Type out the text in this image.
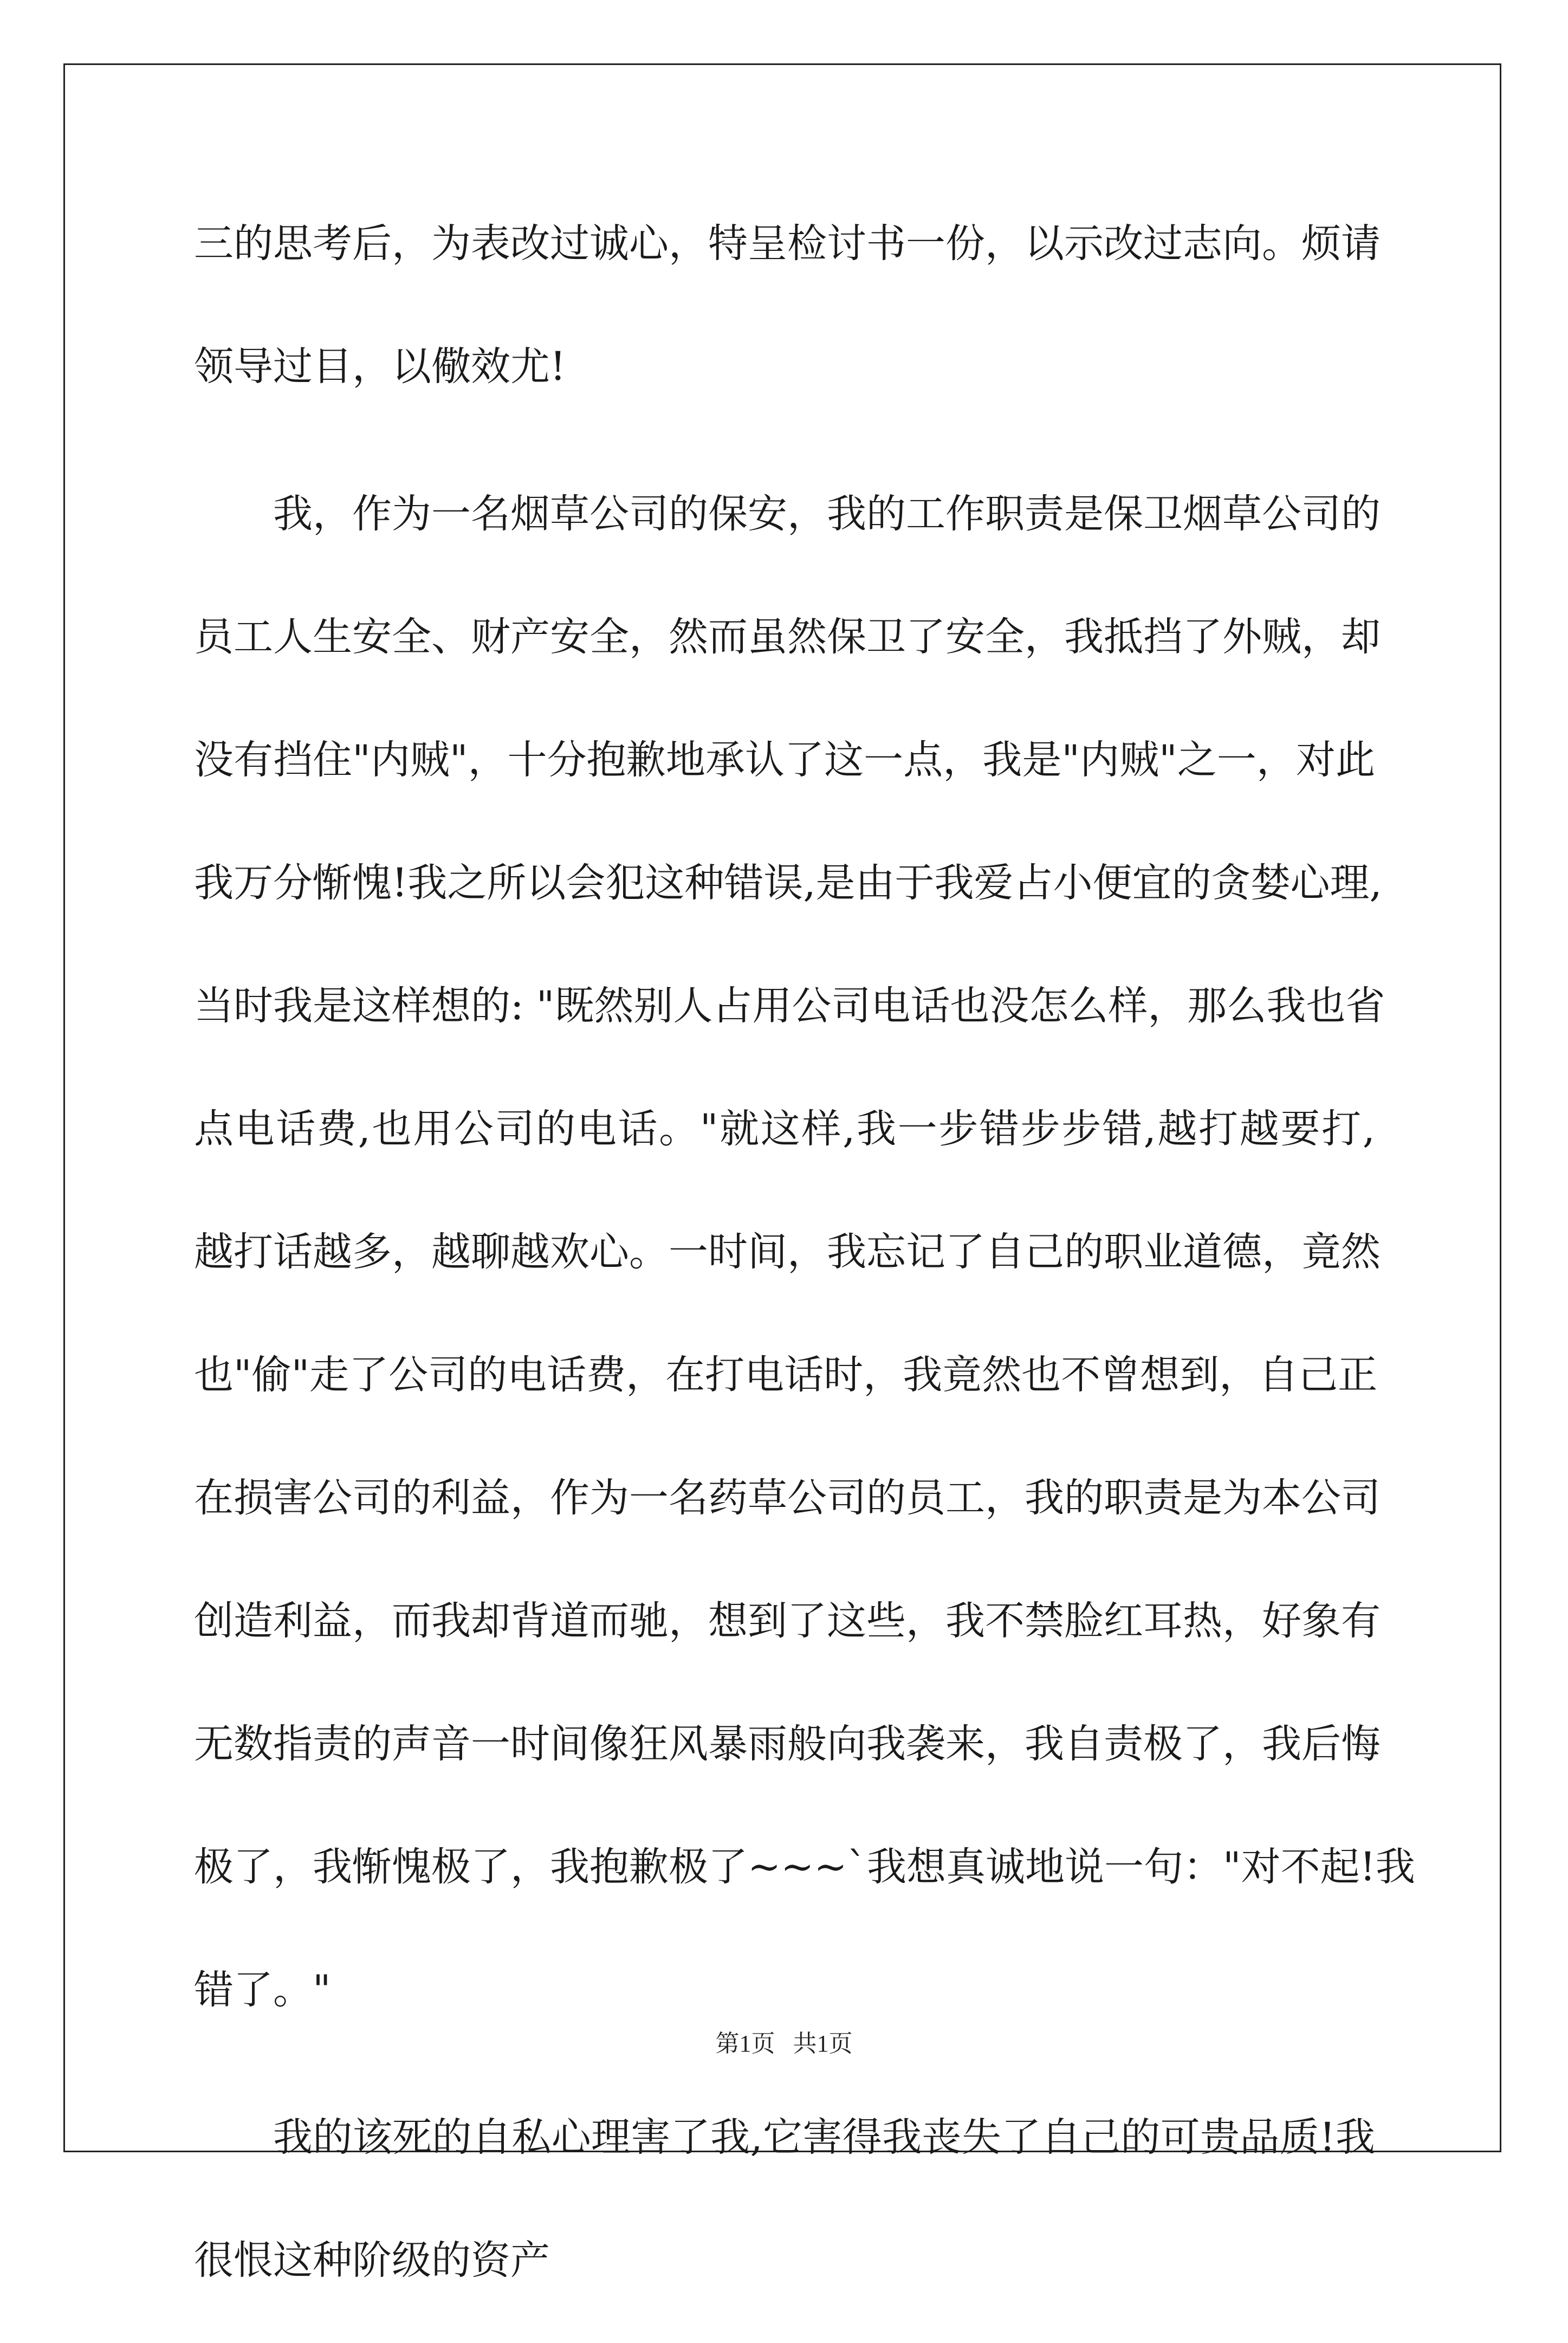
三的思考后，为表改过诚心，特呈检讨书一份，以示改过志向。烦请
领导过目，以儆效尤!
我，作为一名烟草公司的保安，我的工作职责是保卫烟草公司的
员工人生安全、财产安全，然而虽然保卫了安全，我抵挡了外贼，却
没有挡住"内贼"，十分抱歉地承认了这一点，我是"内贼"之一，对此
我万分惭愧!我之所以会犯这种错误,是由于我爱占小便宜的贪婪心理,
当时我是这样想的: "既然别人占用公司电话也没怎么样，那么我也省
点电话费,也用公司的电话。"就这样,我一步错步步错,越打越要打,
越打话越多，越聊越欢心。一时间，我忘记了自己的职业道德，竟然
也"偷"走了公司的电话费，在打电话时，我竟然也不曾想到，自己正
在损害公司的利益，作为一名药草公司的员工，我的职责是为本公司
创造利益，而我却背道而驰，想到了这些，我不禁脸红耳热，好象有
无数指责的声音一时间像狂风暴雨般向我袭来，我自责极了，我后悔
极了，我惭愧极了，我抱歉极了~~~`我想真诚地说一句："对不起!我
错了。"
我的该死的自私心理害了我,它害得我丧失了自己的可贵品质!我
很恨这种阶级的资产
第1页   共1页
